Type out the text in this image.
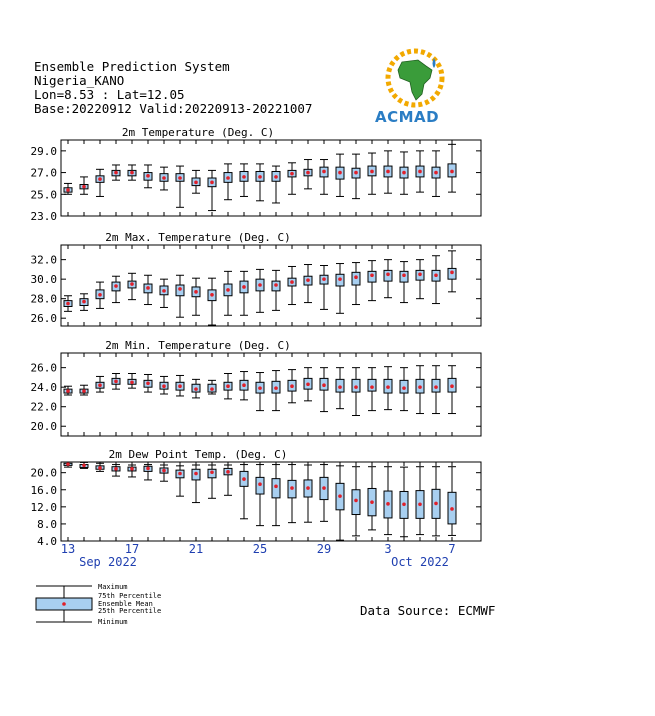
Ensemble Prediction System
Nigeria_KANO
Lon=8.53 : Lat=12.05
Base:20220912 Valid:20220913-20221007	ACMAD
2m Temperature (Deg. C)
23.0
25.0
27.0
29.0
2m Max. Temperature (Deg. C)
26.0
28.0
30.0
32.0
2m Min. Temperature (Deg. C)
20.0
22.0
24.0
26.0
2m Dew Point Temp. (Deg. C)
4.0
8.0
12.0
16.0
20.0
13	17	21	25	29	3	7
Sep 2022	Oct 2022
Maximum
75th Percentile
Ensemble Mean
25th Percentile
Minimum
Data Source: ECMWF
